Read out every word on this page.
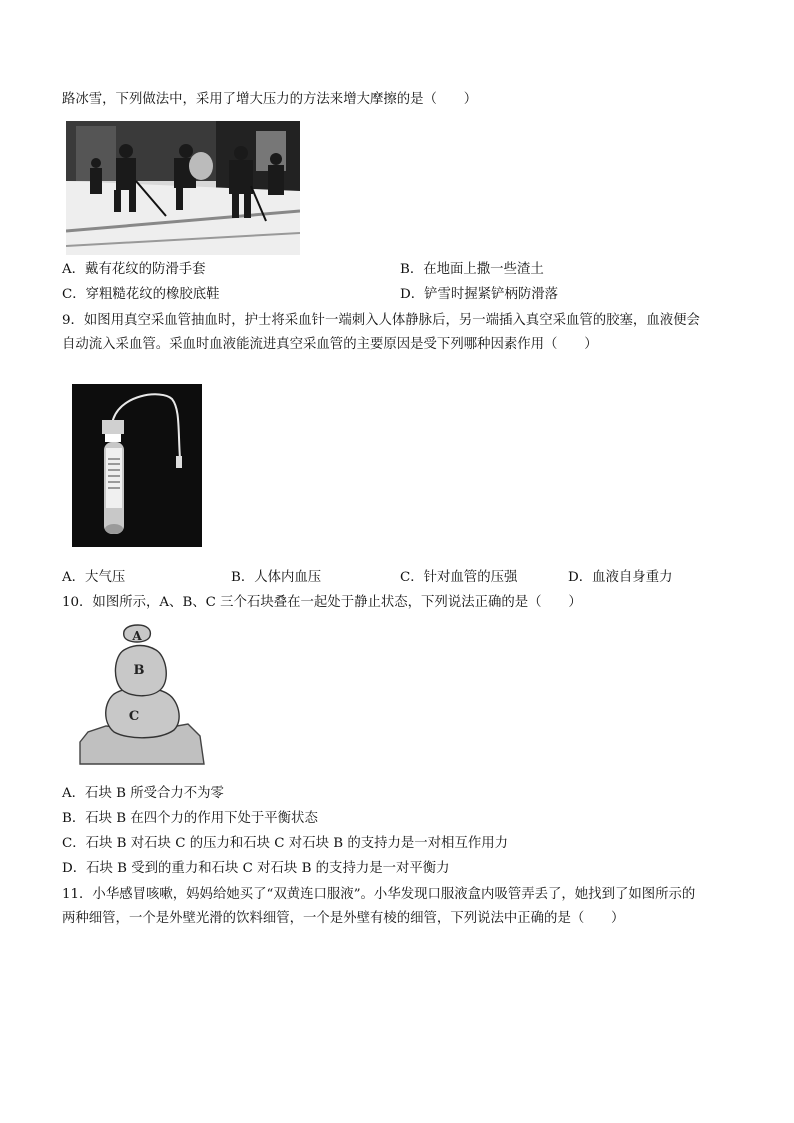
路冰雪，下列做法中，采用了增大压力的方法来增大摩擦的是（　　）
A．戴有花纹的防滑手套	B．在地面上撒一些渣土
C．穿粗糙花纹的橡胶底鞋	D．铲雪时握紧铲柄防滑落
9．如图用真空采血管抽血时，护士将采血针一端刺入人体静脉后，另一端插入真空采血管的胶塞，血液便会
自动流入采血管。采血时血液能流进真空采血管的主要原因是受下列哪种因素作用（　　）
A．大气压	B．人体内血压	C．针对血管的压强	D．血液自身重力
10．如图所示，A、B、C 三个石块叠在一起处于静止状态，下列说法正确的是（　　）
A
B
C
A．石块 B 所受合力不为零
B．石块 B 在四个力的作用下处于平衡状态
C．石块 B 对石块 C 的压力和石块 C 对石块 B 的支持力是一对相互作用力
D．石块 B 受到的重力和石块 C 对石块 B 的支持力是一对平衡力
11．小华感冒咳嗽，妈妈给她买了“双黄连口服液”。小华发现口服液盒内吸管弄丢了，她找到了如图所示的
两种细管，一个是外壁光滑的饮料细管，一个是外壁有棱的细管，下列说法中正确的是（　　）
